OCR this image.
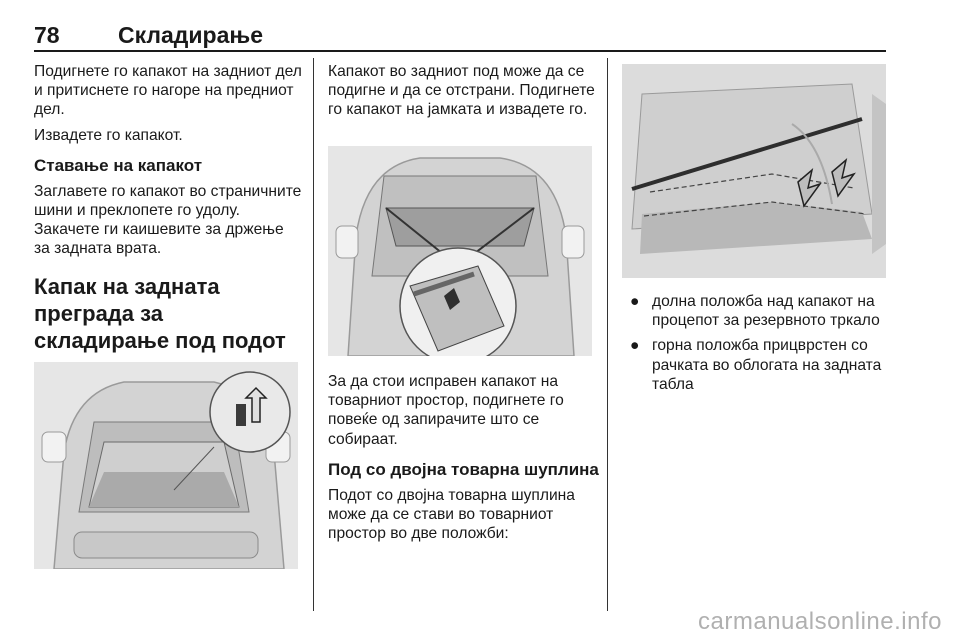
78	Складирање

Подигнете го капакот на задниот дел и притиснете го нагоре на предниот дел.

Извадете го капакот.

Ставање на капакот

Заглавете го капакот во страничните шини и преклопете го удолу. Закачете ги каишевите за држење за задната врата.

Капак на задната преграда за складирање под подот

Капакот во задниот под може да се подигне и да се отстрани. Подигнете го капакот на јамката и извадете го.

За да стои исправен капакот на товарниот простор, подигнете го повеќе од запирачите што се собираат.

Под со двојна товарна шуплина

Подот со двојна товарна шуплина може да се стави во товарниот простор во две положби:

● долна положба над капакот на процепот за резервното тркало
● горна положба прицврстен со рачката во облогата на задната табла
carmanualsonline.info
